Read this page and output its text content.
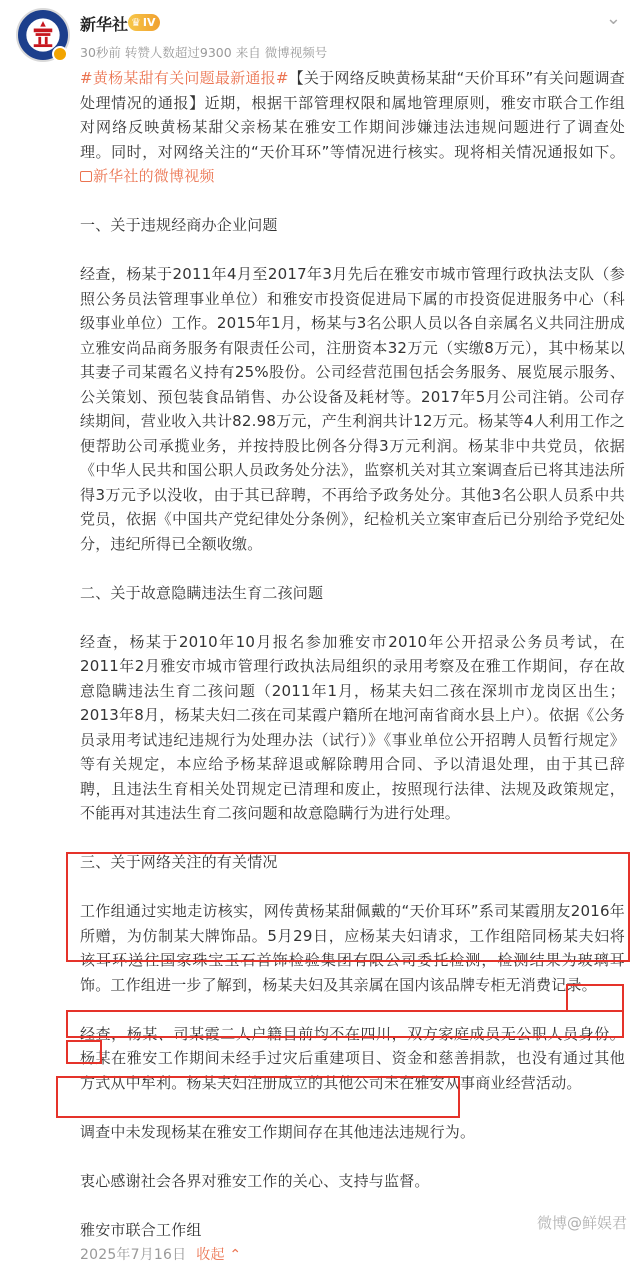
新华社 ♛ IV
30秒前 转赞人数超过9300 来自 微博视频号
⌄

#黄杨某甜有关问题最新通报#【关于网络反映黄杨某甜“天价耳环”有关问题调查处理情况的通报】近期，根据干部管理权限和属地管理原则，雅安市联合工作组对网络反映黄杨某甜父亲杨某在雅安工作期间涉嫌违法违规问题进行了调查处理。同时，对网络关注的“天价耳环”等情况进行核实。现将相关情况通报如下。新华社的微博视频

一、关于违规经商办企业问题

经查，杨某于2011年4月至2017年3月先后在雅安市城市管理行政执法支队（参照公务员法管理事业单位）和雅安市投资促进局下属的市投资促进服务中心（科级事业单位）工作。2015年1月，杨某与3名公职人员以各自亲属名义共同注册成立雅安尚品商务服务有限责任公司，注册资本32万元（实缴8万元），其中杨某以其妻子司某霞名义持有25%股份。公司经营范围包括会务服务、展览展示服务、公关策划、预包装食品销售、办公设备及耗材等。2017年5月公司注销。公司存续期间，营业收入共计82.98万元，产生利润共计12万元。杨某等4人利用工作之便帮助公司承揽业务，并按持股比例各分得3万元利润。杨某非中共党员，依据《中华人民共和国公职人员政务处分法》，监察机关对其立案调查后已将其违法所得3万元予以没收，由于其已辞聘，不再给予政务处分。其他3名公职人员系中共党员，依据《中国共产党纪律处分条例》，纪检机关立案审查后已分别给予党纪处分，违纪所得已全额收缴。

二、关于故意隐瞒违法生育二孩问题

经查，杨某于2010年10月报名参加雅安市2010年公开招录公务员考试，在2011年2月雅安市城市管理行政执法局组织的录用考察及在雅工作期间，存在故意隐瞒违法生育二孩问题（2011年1月，杨某夫妇二孩在深圳市龙岗区出生；2013年8月，杨某夫妇二孩在司某霞户籍所在地河南省商水县上户）。依据《公务员录用考试违纪违规行为处理办法（试行）》《事业单位公开招聘人员暂行规定》等有关规定，本应给予杨某辞退或解除聘用合同、予以清退处理，由于其已辞聘，且违法生育相关处罚规定已清理和废止，按照现行法律、法规及政策规定，不能再对其违法生育二孩问题和故意隐瞒行为进行处理。

三、关于网络关注的有关情况

工作组通过实地走访核实，网传黄杨某甜佩戴的“天价耳环”系司某霞朋友2016年所赠，为仿制某大牌饰品。5月29日，应杨某夫妇请求，工作组陪同杨某夫妇将该耳环送往国家珠宝玉石首饰检验集团有限公司委托检测，检测结果为玻璃耳饰。工作组进一步了解到，杨某夫妇及其亲属在国内该品牌专柜无消费记录。

经查，杨某、司某霞二人户籍目前均不在四川，双方家庭成员无公职人员身份。杨某在雅安工作期间未经手过灾后重建项目、资金和慈善捐款，也没有通过其他方式从中牟利。杨某夫妇注册成立的其他公司未在雅安从事商业经营活动。

调查中未发现杨某在雅安工作期间存在其他违法违规行为。

衷心感谢社会各界对雅安工作的关心、支持与监督。

雅安市联合工作组

2025年7月16日 收起 ⌃

微博@鲜娱君
